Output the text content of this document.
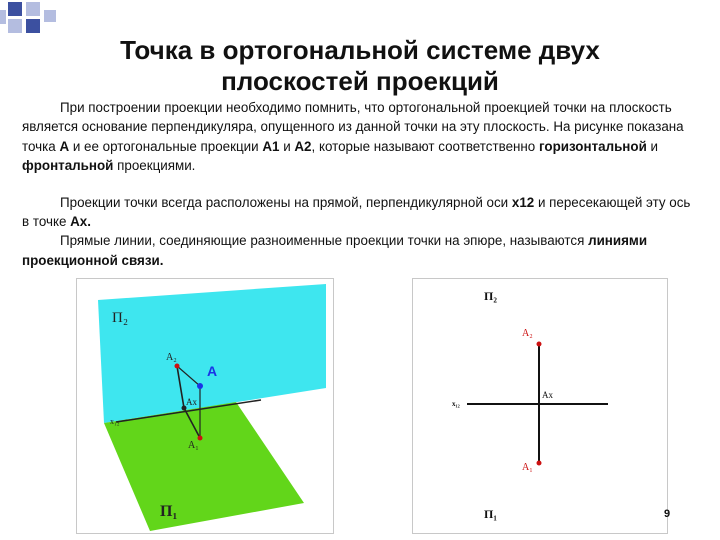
Точка в ортогональной системе двух
плоскостей проекций

При построении проекции необходимо помнить, что ортогональной проекцией точки на плоскость является основание перпендикуляра, опущенного из данной точки на эту плоскость. На рисунке показана точка А и ее ортогональные проекции А1 и А2, которые называют соответственно горизонтальной и фронтальной проекциями.

Проекции точки всегда расположены на прямой, перпендикулярной оси х12 и пересекающей эту ось в точке Ах.

Прямые линии, соединяющие разноименные проекции точки на эпюре, называются линиями проекционной связи.

П₂
А₂
А
Ах
х₁₂
А₁
П₁
П₂
А₂
Ах
х₁₂
А₁
П₁	9
